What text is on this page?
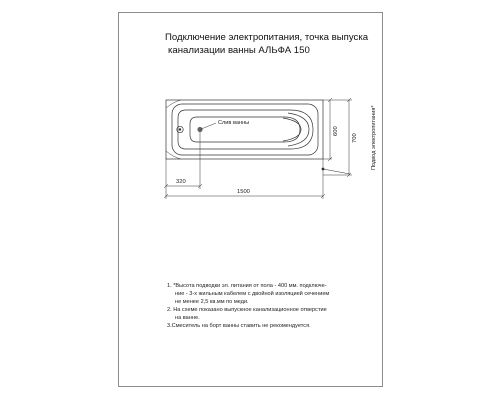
Подключение электропитания, точка выпуска
канализации ванны АЛЬФА 150
Слив ванны	Подвод электропитания*
600
700
320
1500
1. *Высота подводки эл. питания от пола - 400 мм. подключе-
ние - 3-х жильным кабелем с двойной изоляцией сечением
не менее 2,5 кв.мм по меди.
2. На схеме показано выпускное канализационное отверстие
на ванне.
3.Смеситель на борт ванны ставить не рекомендуется.
